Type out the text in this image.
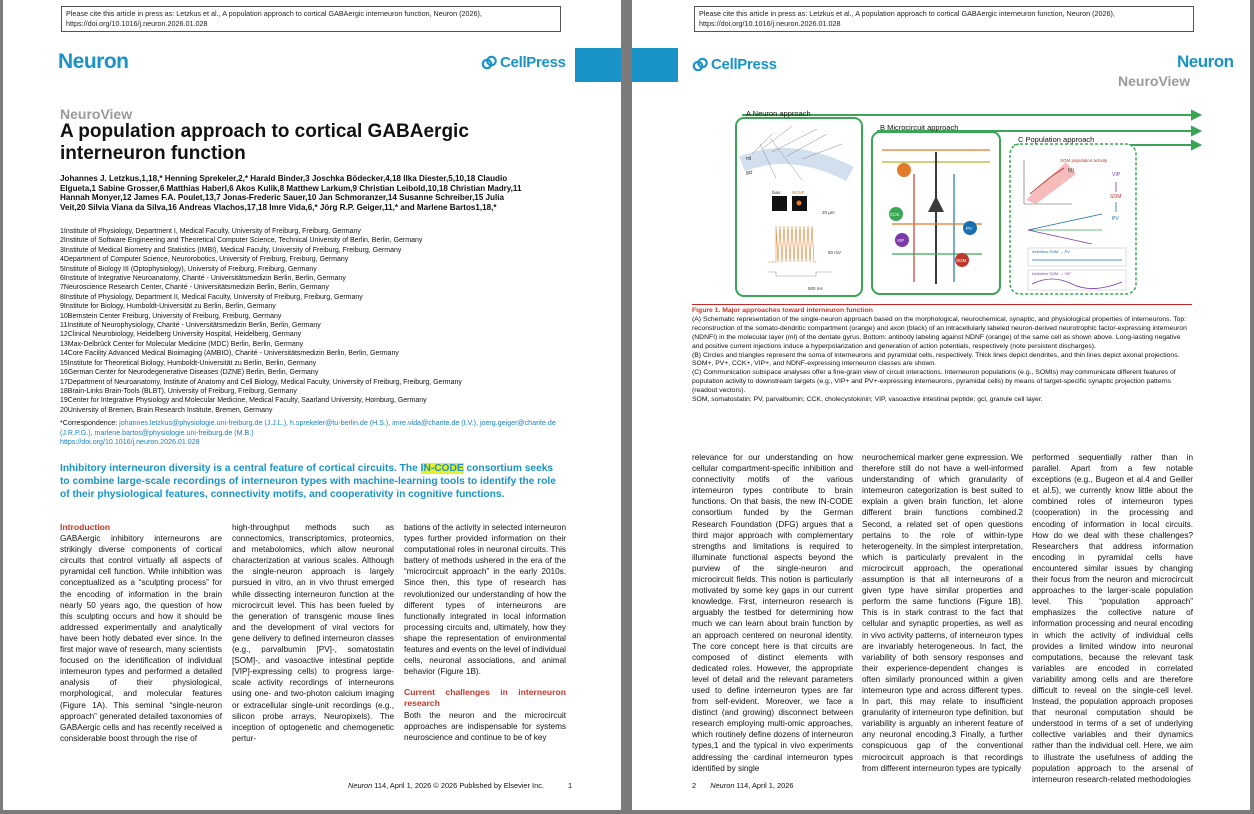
Please cite this article in press as: Letzkus et al., A population approach to cortical GABAergic interneuron function, Neuron (2026), https://doi.org/10.1016/j.neuron.2026.01.028
Neuron	CellPress
NeuroView
A population approach to cortical GABAergic interneuron function
Johannes J. Letzkus,1,18,* Henning Sprekeler,2,* Harald Binder,3 Joschka Bödecker,4,18 Ilka Diester,5,10,18 Claudio Elgueta,1 Sabine Grosser,6 Matthias Haberl,6 Akos Kulik,8 Matthew Larkum,9 Christian Leibold,10,18 Christian Madry,11 Hannah Monyer,12 James F.A. Poulet,13,7 Jonas-Frederic Sauer,10 Jan Schmoranzer,14 Susanne Schreiber,15 Julia Veit,20 Silvia Viana da Silva,16 Andreas Vlachos,17,18 Imre Vida,6,* Jörg R.P. Geiger,11,* and Marlene Bartos1,18,*
1Institute of Physiology, Department I, Medical Faculty, University of Freiburg, Freiburg, Germany
2Institute of Software Engineering and Theoretical Computer Science, Technical University of Berlin, Berlin, Germany
3Institute of Medical Biometry and Statistics (IMBI), Medical Faculty, University of Freiburg, Freiburg, Germany
4Department of Computer Science, Neurorobotics, University of Freiburg, Freiburg, Germany
5Institute of Biology III (Optophysiology), University of Freiburg, Freiburg, Germany
6Institute of Integrative Neuroanatomy, Charité - Universitätsmedizin Berlin, Berlin, Germany
7Neuroscience Research Center, Charité - Universitätsmedizin Berlin, Berlin, Germany
8Institute of Physiology, Department II, Medical Faculty, University of Freiburg, Freiburg, Germany
9Institute for Biology, Humboldt-Universität zu Berlin, Berlin, Germany
10Bernstein Center Freiburg, University of Freiburg, Freiburg, Germany
11Institute of Neurophysiology, Charité - Universitätsmedizin Berlin, Berlin, Germany
12Clinical Neurobiology, Heidelberg University Hospital, Heidelberg, Germany
13Max-Delbrück Center for Molecular Medicine (MDC) Berlin, Berlin, Germany
14Core Facility Advanced Medical Bioimaging (AMBIO), Charité - Universitätsmedizin Berlin, Berlin, Germany
15Institute for Theoretical Biology, Humboldt-Universität zu Berlin, Berlin, Germany
16German Center for Neurodegenerative Diseases (DZNE) Berlin, Berlin, Germany
17Department of Neuroanatomy, Institute of Anatomy and Cell Biology, Medical Faculty, University of Freiburg, Freiburg, Germany
18Brain-Links Brain-Tools (BLBT), University of Freiburg, Freiburg, Germany
19Center for Integrative Physiology and Molecular Medicine, Medical Faculty, Saarland University, Homburg, Germany
20University of Bremen, Brain Research Institute, Bremen, Germany
*Correspondence: johannes.letzkus@physiologie.uni-freiburg.de (J.J.L.), h.sprekeler@tu-berlin.de (H.S.), imre.vida@charite.de (I.V.), joerg.geiger@charite.de (J.R.P.G.), marlene.bartos@physiologie.uni-freiburg.de (M.B.)
https://doi.org/10.1016/j.neuron.2026.01.028
Inhibitory interneuron diversity is a central feature of cortical circuits. The IN-CODE consortium seeks to combine large-scale recordings of interneuron types with machine-learning tools to identify the role of their physiological features, connectivity motifs, and cooperativity in cognitive functions.
Introduction
GABAergic inhibitory interneurons are strikingly diverse components of cortical circuits that control virtually all aspects of pyramidal cell function. While inhibition was conceptualized as a “sculpting process” for the encoding of information in the brain nearly 50 years ago, the question of how this sculpting occurs and how it should be addressed experimentally and analytically have been hotly debated ever since. In the first major wave of research, many scientists focused on the identification of individual interneuron types and performed a detailed analysis of their physiological, morphological, and molecular features (Figure 1A). This seminal “single-neuron approach” generated detailed taxonomies of GABAergic cells and has recently received a considerable boost through the rise of
high-throughput methods such as connectomics, transcriptomics, proteomics, and metabolomics, which allow neuronal characterization at various scales. Although the single-neuron approach is largely pursued in vitro, an in vivo thrust emerged while dissecting interneuron function at the microcircuit level. This has been fueled by the generation of transgenic mouse lines and the development of viral vectors for gene delivery to defined interneuron classes (e.g., parvalbumin [PV]-, somatostatin [SOM]-, and vasoactive intestinal peptide [VIP]-expressing cells) to progress large-scale activity recordings of interneurons using one- and two-photon calcium imaging or extracellular single-unit recordings (e.g., silicon probe arrays, Neuropixels). The inception of optogenetic and chemogenetic pertur-
bations of the activity in selected interneuron types further provided information on their computational roles in neuronal circuits. This battery of methods ushered in the era of the “microcircuit approach” in the early 2010s. Since then, this type of research has revolutionized our understanding of how the different types of interneurons are functionally integrated in local information processing circuits and, ultimately, how they shape the representation of environmental features and events on the level of individual cells, neuronal associations, and animal behavior (Figure 1B).
Current challenges in interneuron research
Both the neuron and the microcircuit approaches are indispensable for systems neuroscience and continue to be of key
Neuron 114, April 1, 2026 © 2026 Published by Elsevier Inc.	1
Please cite this article in press as: Letzkus et al., A population approach to cortical GABAergic interneuron function, Neuron (2026), https://doi.org/10.1016/j.neuron.2026.01.028
CellPress	Neuron
NeuroView
A Neuron approach
ml
gcl
bias	NDNF
20 µm
50 mV
500 ms
B Microcircuit approach
CCK
VIP
PV
SOM
C Population approach
SOM population activity
f(t)
VIP
SOM
PV
Inhibition SOM → PV
Inhibition SOM → VIP
Figure 1. Major approaches toward interneuron function
(A) Schematic representation of the single-neuron approach based on the morphological, neurochemical, synaptic, and physiological properties of interneurons. Top: reconstruction of the somato-dendritic compartment (orange) and axon (black) of an intracellularly labeled neuron-derived neurotrophic factor-expressing interneuron (NDNFI) in the molecular layer (ml) of the dentate gyrus. Bottom: antibody labeling against NDNF (orange) of the same cell as shown above. Long-lasting negative and positive current injections induce a hyperpolarization and generation of action potentials, respectively (note persistent discharges).
(B) Circles and triangles represent the soma of interneurons and pyramidal cells, respectively. Thick lines depict dendrites, and thin lines depict axonal projections. SOM+, PV+, CCK+, VIP+, and NDNF-expressing interneuron classes are shown.
(C) Communication subspace analyses offer a fine-grain view of circuit interactions. Interneuron populations (e.g., SOMIs) may communicate different features of population activity to downstream targets (e.g., VIP+ and PV+-expressing interneurons, pyramidal cells) by means of target-specific synaptic projection patterns (readout vectors).
SOM, somatostatin; PV, parvalbumin; CCK, cholecystokinin; VIP, vasoactive intestinal peptide; gcl, granule cell layer.
relevance for our understanding on how cellular compartment-specific inhibition and connectivity motifs of the various interneuron types contribute to brain functions. On that basis, the new IN-CODE consortium funded by the German Research Foundation (DFG) argues that a third major approach with complementary strengths and limitations is required to illuminate functional aspects beyond the purview of the single-neuron and microcircuit fields. This notion is particularly motivated by some key gaps in our current knowledge. First, interneuron research is arguably the testbed for determining how much we can learn about brain function by an approach centered on neuronal identity. The core concept here is that circuits are composed of distinct elements with dedicated roles. However, the appropriate level of detail and the relevant parameters used to define interneuron types are far from self-evident. Moreover, we face a distinct (and growing) disconnect between research employing multi-omic approaches, which routinely define dozens of interneuron types,1 and the typical in vivo experiments addressing the cardinal interneuron types identified by single
neurochemical marker gene expression. We therefore still do not have a well-informed understanding of which granularity of interneuron categorization is best suited to explain a given brain function, let alone different brain functions combined.2 Second, a related set of open questions pertains to the role of within-type heterogeneity. In the simplest interpretation, which is particularly prevalent in the microcircuit approach, the operational assumption is that all interneurons of a given type have similar properties and perform the same functions (Figure 1B). This is in stark contrast to the fact that cellular and synaptic properties, as well as in vivo activity patterns, of interneuron types are invariably heterogeneous. In fact, the variability of both sensory responses and their experience-dependent changes is often similarly pronounced within a given interneuron type and across different types. In part, this may relate to insufficient granularity of interneuron type definition, but variability is arguably an inherent feature of any neuronal encoding.3 Finally, a further conspicuous gap of the conventional microcircuit approach is that recordings from different interneuron types are typically
performed sequentially rather than in parallel. Apart from a few notable exceptions (e.g., Bugeon et al.4 and Geiller et al.5), we currently know little about the combined roles of interneuron types (cooperation) in the processing and encoding of information in local circuits. How do we deal with these challenges? Researchers that address information encoding in pyramidal cells have encountered similar issues by changing their focus from the neuron and microcircuit approaches to the larger-scale population level. This “population approach” emphasizes the collective nature of information processing and neural encoding in which the activity of individual cells provides a limited window into neuronal computations, because the relevant task variables are encoded in correlated variability among cells and are therefore difficult to reveal on the single-cell level. Instead, the population approach proposes that neuronal computation should be understood in terms of a set of underlying collective variables and their dynamics rather than the individual cell. Here, we aim to illustrate the usefulness of adding the population approach to the arsenal of interneuron research-related methodologies
2 Neuron 114, April 1, 2026
